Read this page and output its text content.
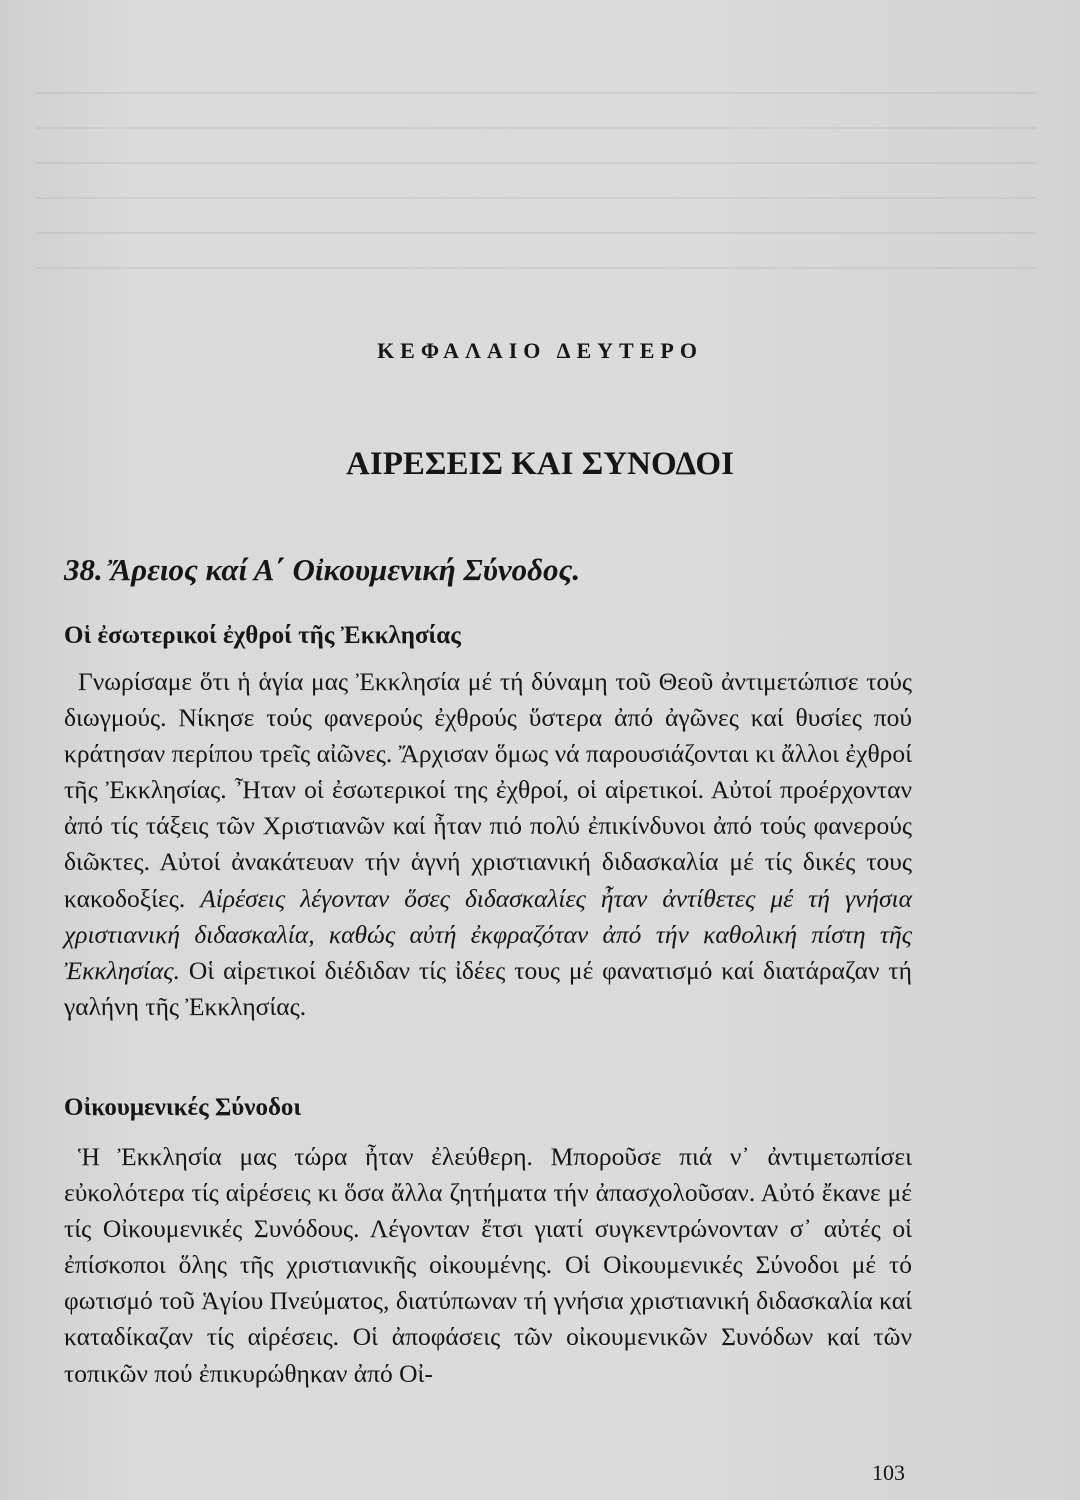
ΚΕΦΑΛΑΙΟ ΔΕΥΤΕΡΟ
ΑΙΡΕΣΕΙΣ ΚΑΙ ΣΥΝΟΔΟΙ
38. Ἄρειος καί Α΄ Οἰκουμενική Σύνοδος.
Οἱ ἐσωτερικοί ἐχθροί τῆς Ἐκκλησίας

Γνωρίσαμε ὅτι ἡ ἁγία μας Ἐκκλησία μέ τή δύναμη τοῦ Θεοῦ ἀντιμετώπισε τούς διωγμούς. Νίκησε τούς φανερούς ἐχθρούς ὕστερα ἀπό ἀγῶνες καί θυσίες πού κράτησαν περίπου τρεῖς αἰῶνες. Ἄρχισαν ὅμως νά παρουσιάζονται κι ἄλλοι ἐχθροί τῆς Ἐκκλησίας. Ἦταν οἱ ἐσωτερικοί της ἐχθροί, οἱ αἱρετικοί. Αὐτοί προέρχονταν ἀπό τίς τάξεις τῶν Χριστιανῶν καί ἦταν πιό πολύ ἐπικίνδυνοι ἀπό τούς φανερούς διῶκτες. Αὐτοί ἀνακάτευαν τήν ἁγνή χριστιανική διδασκαλία μέ τίς δικές τους κακοδοξίες. Αἱρέσεις λέγονταν ὅσες διδασκαλίες ἦταν ἀντίθετες μέ τή γνήσια χριστιανική διδασκαλία, καθώς αὐτή ἐκφραζόταν ἀπό τήν καθολική πίστη τῆς Ἐκκλησίας. Οἱ αἱρετικοί διέδιδαν τίς ἰδέες τους μέ φανατισμό καί διατάραζαν τή γαλήνη τῆς Ἐκκλησίας.

Οἰκουμενικές Σύνοδοι

Ἡ Ἐκκλησία μας τώρα ἦταν ἐλεύθερη. Μποροῦσε πιά ν᾿ ἀντιμετωπίσει εὐκολότερα τίς αἱρέσεις κι ὅσα ἄλλα ζητήματα τήν ἀπασχολοῦσαν. Αὐτό ἔκανε μέ τίς Οἰκουμενικές Συνόδους. Λέγονταν ἔτσι γιατί συγκεντρώνονταν σ᾿ αὐτές οἱ ἐπίσκοποι ὅλης τῆς χριστιανικῆς οἰκουμένης. Οἱ Οἰκουμενικές Σύνοδοι μέ τό φωτισμό τοῦ Ἁγίου Πνεύματος, διατύπωναν τή γνήσια χριστιανική διδασκαλία καί καταδίκαζαν τίς αἱρέσεις. Οἱ ἀποφάσεις τῶν οἰκουμενικῶν Συνόδων καί τῶν τοπικῶν πού ἐπικυρώθηκαν ἀπό Οἰ-

103
